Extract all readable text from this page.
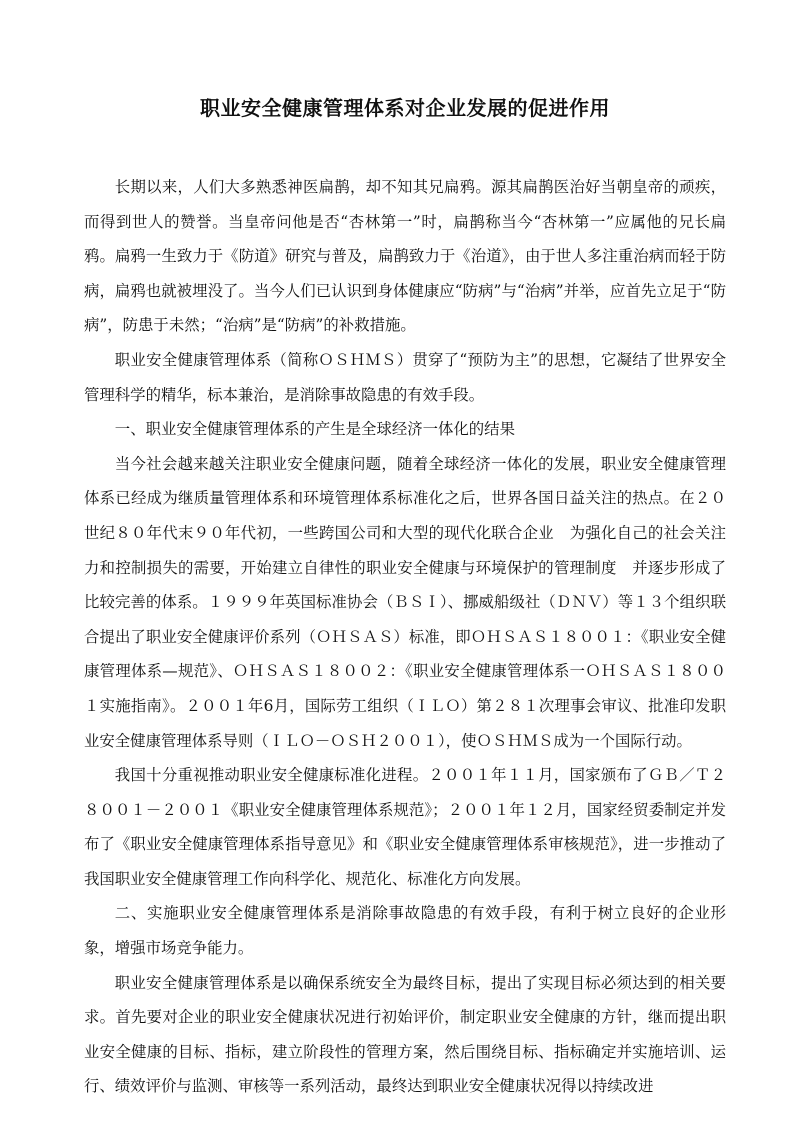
职业安全健康管理体系对企业发展的促进作用

长期以来，人们大多熟悉神医扁鹊，却不知其兄扁鸦。源其扁鹊医治好当朝皇帝的顽疾，而得到世人的赞誉。当皇帝问他是否“杏林第一”时，扁鹊称当今“杏林第一”应属他的兄长扁鸦。扁鸦一生致力于《防道》研究与普及，扁鹊致力于《治道》，由于世人多注重治病而轻于防病，扁鸦也就被埋没了。当今人们已认识到身体健康应“防病”与“治病”并举，应首先立足于“防病”，防患于未然；“治病”是“防病”的补救措施。

职业安全健康管理体系（简称ＯＳＨＭＳ）贯穿了“预防为主”的思想，它凝结了世界安全管理科学的精华，标本兼治，是消除事故隐患的有效手段。

一、职业安全健康管理体系的产生是全球经济一体化的结果

当今社会越来越关注职业安全健康问题，随着全球经济一体化的发展，职业安全健康管理体系已经成为继质量管理体系和环境管理体系标准化之后，世界各国日益关注的热点。在２０世纪８０年代末９０年代初，一些跨国公司和大型的现代化联合企业　为强化自己的社会关注力和控制损失的需要，开始建立自律性的职业安全健康与环境保护的管理制度　并逐步形成了比较完善的体系。１９９９年英国标准协会（ＢＳＩ）、挪威船级社（ＤＮＶ）等１３个组织联合提出了职业安全健康评价系列（ＯＨＳＡＳ）标准，即ＯＨＳＡＳ１８００１：《职业安全健康管理体系—规范》、ＯＨＳＡＳ１８００２：《职业安全健康管理体系一ＯＨＳＡＳ１８００１实施指南》。２００１年6月，国际劳工组织（ＩＬＯ）第２８１次理事会审议、批准印发职业安全健康管理体系导则（ＩＬＯ－ＯＳＨ２００１），使ＯＳＨＭＳ成为一个国际行动。

我国十分重视推动职业安全健康标准化进程。２００１年１１月，国家颁布了ＧＢ／Ｔ２８００１－２００１《职业安全健康管理体系规范》；２００１年１２月，国家经贸委制定并发布了《职业安全健康管理体系指导意见》和《职业安全健康管理体系审核规范》，进一步推动了我国职业安全健康管理工作向科学化、规范化、标准化方向发展。

二、实施职业安全健康管理体系是消除事故隐患的有效手段，有利于树立良好的企业形象，增强市场竞争能力。

职业安全健康管理体系是以确保系统安全为最终目标，提出了实现目标必须达到的相关要求。首先要对企业的职业安全健康状况进行初始评价，制定职业安全健康的方针，继而提出职业安全健康的目标、指标，建立阶段性的管理方案，然后围绕目标、指标确定并实施培训、运行、绩效评价与监测、审核等一系列活动，最终达到职业安全健康状况得以持续改进
